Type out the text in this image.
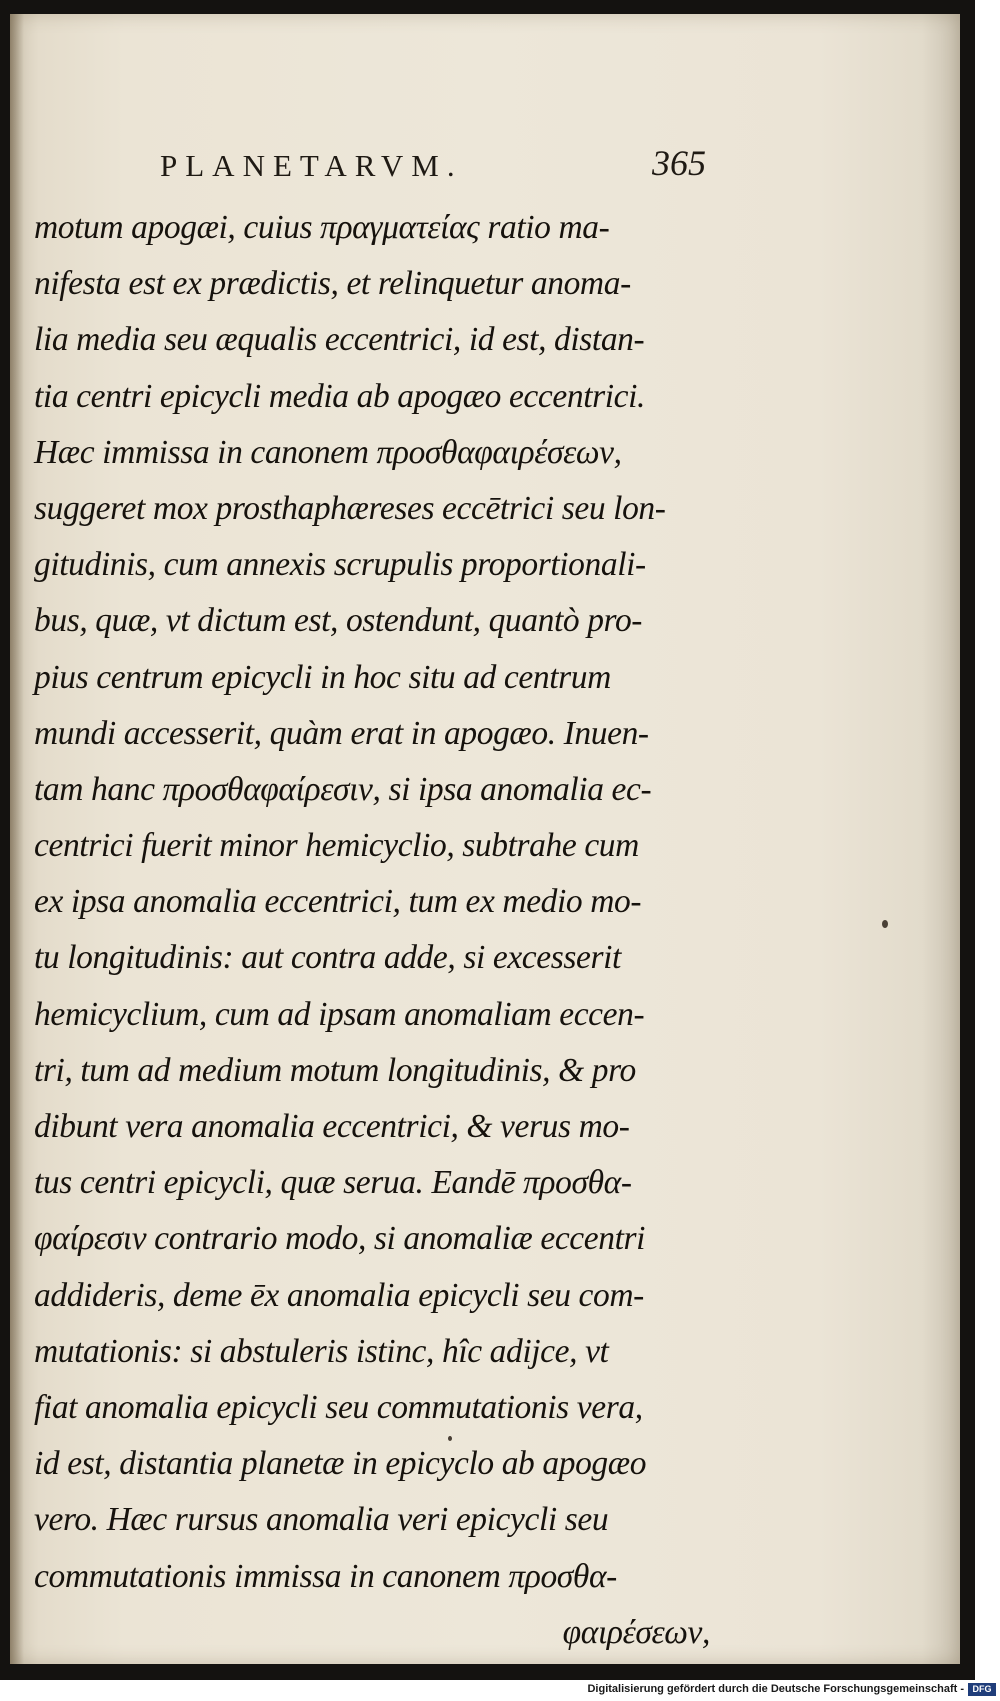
PLANETARVM.	365
motum apogæi, cuius πραγματείας ratio ma-
nifesta est ex prædictis, et relinquetur anoma-
lia media seu æqualis eccentrici, id est, distan-
tia centri epicycli media ab apogæo eccentrici.
Hæc immissa in canonem προσθαφαιρέσεων,
suggeret mox prosthaphæreses eccētrici seu lon-
gitudinis, cum annexis scrupulis proportionali-
bus, quæ, vt dictum est, ostendunt, quantò pro-
pius centrum epicycli in hoc situ ad centrum
mundi accesserit, quàm erat in apogæo. Inuen-
tam hanc προσθαφαίρεσιν, si ipsa anomalia ec-
centrici fuerit minor hemicyclio, subtrahe cum
ex ipsa anomalia eccentrici, tum ex medio mo-
tu longitudinis: aut contra adde, si excesserit
hemicyclium, cum ad ipsam anomaliam eccen-
tri, tum ad medium motum longitudinis, & pro
dibunt vera anomalia eccentrici, & verus mo-
tus centri epicycli, quæ serua. Eandē προσθα-
φαίρεσιν contrario modo, si anomaliæ eccentri
addideris, deme ēx anomalia epicycli seu com-
mutationis: si abstuleris istinc, hîc adijce, vt
fiat anomalia epicycli seu commutationis vera,
id est, distantia planetæ in epicyclo ab apogæo
vero. Hæc rursus anomalia veri epicycli seu
commutationis immissa in canonem προσθα-
φαιρέσεων,
Digitalisierung gefördert durch die Deutsche Forschungsgemeinschaft - DFG
